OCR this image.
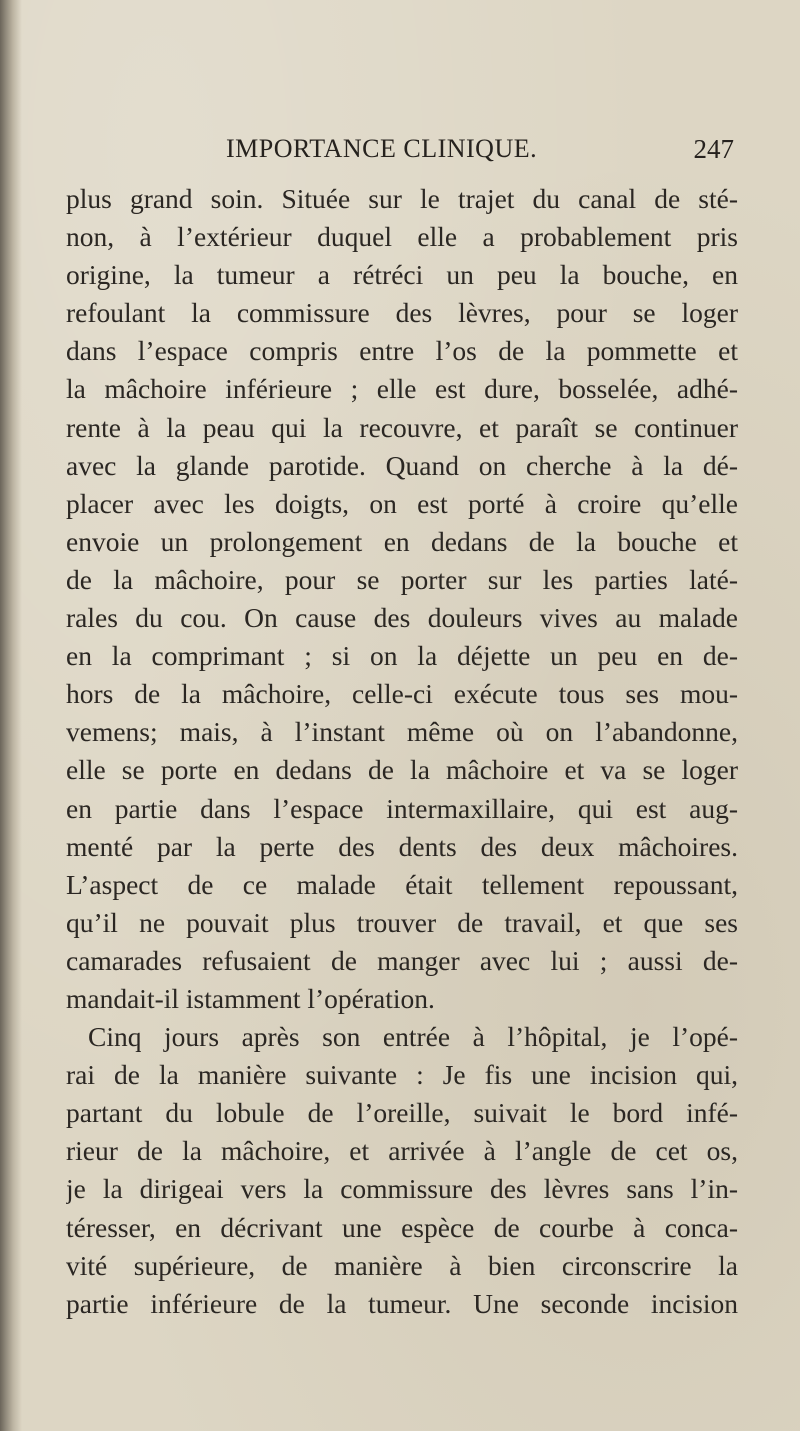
IMPORTANCE CLINIQUE.	247
plus grand soin. Située sur le trajet du canal de sté-
non, à l’extérieur duquel elle a probablement pris
origine, la tumeur a rétréci un peu la bouche, en
refoulant la commissure des lèvres, pour se loger
dans l’espace compris entre l’os de la pommette et
la mâchoire inférieure ; elle est dure, bosselée, adhé-
rente à la peau qui la recouvre, et paraît se continuer
avec la glande parotide. Quand on cherche à la dé-
placer avec les doigts, on est porté à croire qu’elle
envoie un prolongement en dedans de la bouche et
de la mâchoire, pour se porter sur les parties laté-
rales du cou. On cause des douleurs vives au malade
en la comprimant ; si on la déjette un peu en de-
hors de la mâchoire, celle-ci exécute tous ses mou-
vemens; mais, à l’instant même où on l’abandonne,
elle se porte en dedans de la mâchoire et va se loger
en partie dans l’espace intermaxillaire, qui est aug-
menté par la perte des dents des deux mâchoires.
L’aspect de ce malade était tellement repoussant,
qu’il ne pouvait plus trouver de travail, et que ses
camarades refusaient de manger avec lui ; aussi de-
mandait-il istamment l’opération.
Cinq jours après son entrée à l’hôpital, je l’opé-
rai de la manière suivante : Je fis une incision qui,
partant du lobule de l’oreille, suivait le bord infé-
rieur de la mâchoire, et arrivée à l’angle de cet os,
je la dirigeai vers la commissure des lèvres sans l’in-
téresser, en décrivant une espèce de courbe à conca-
vité supérieure, de manière à bien circonscrire la
partie inférieure de la tumeur. Une seconde incision
